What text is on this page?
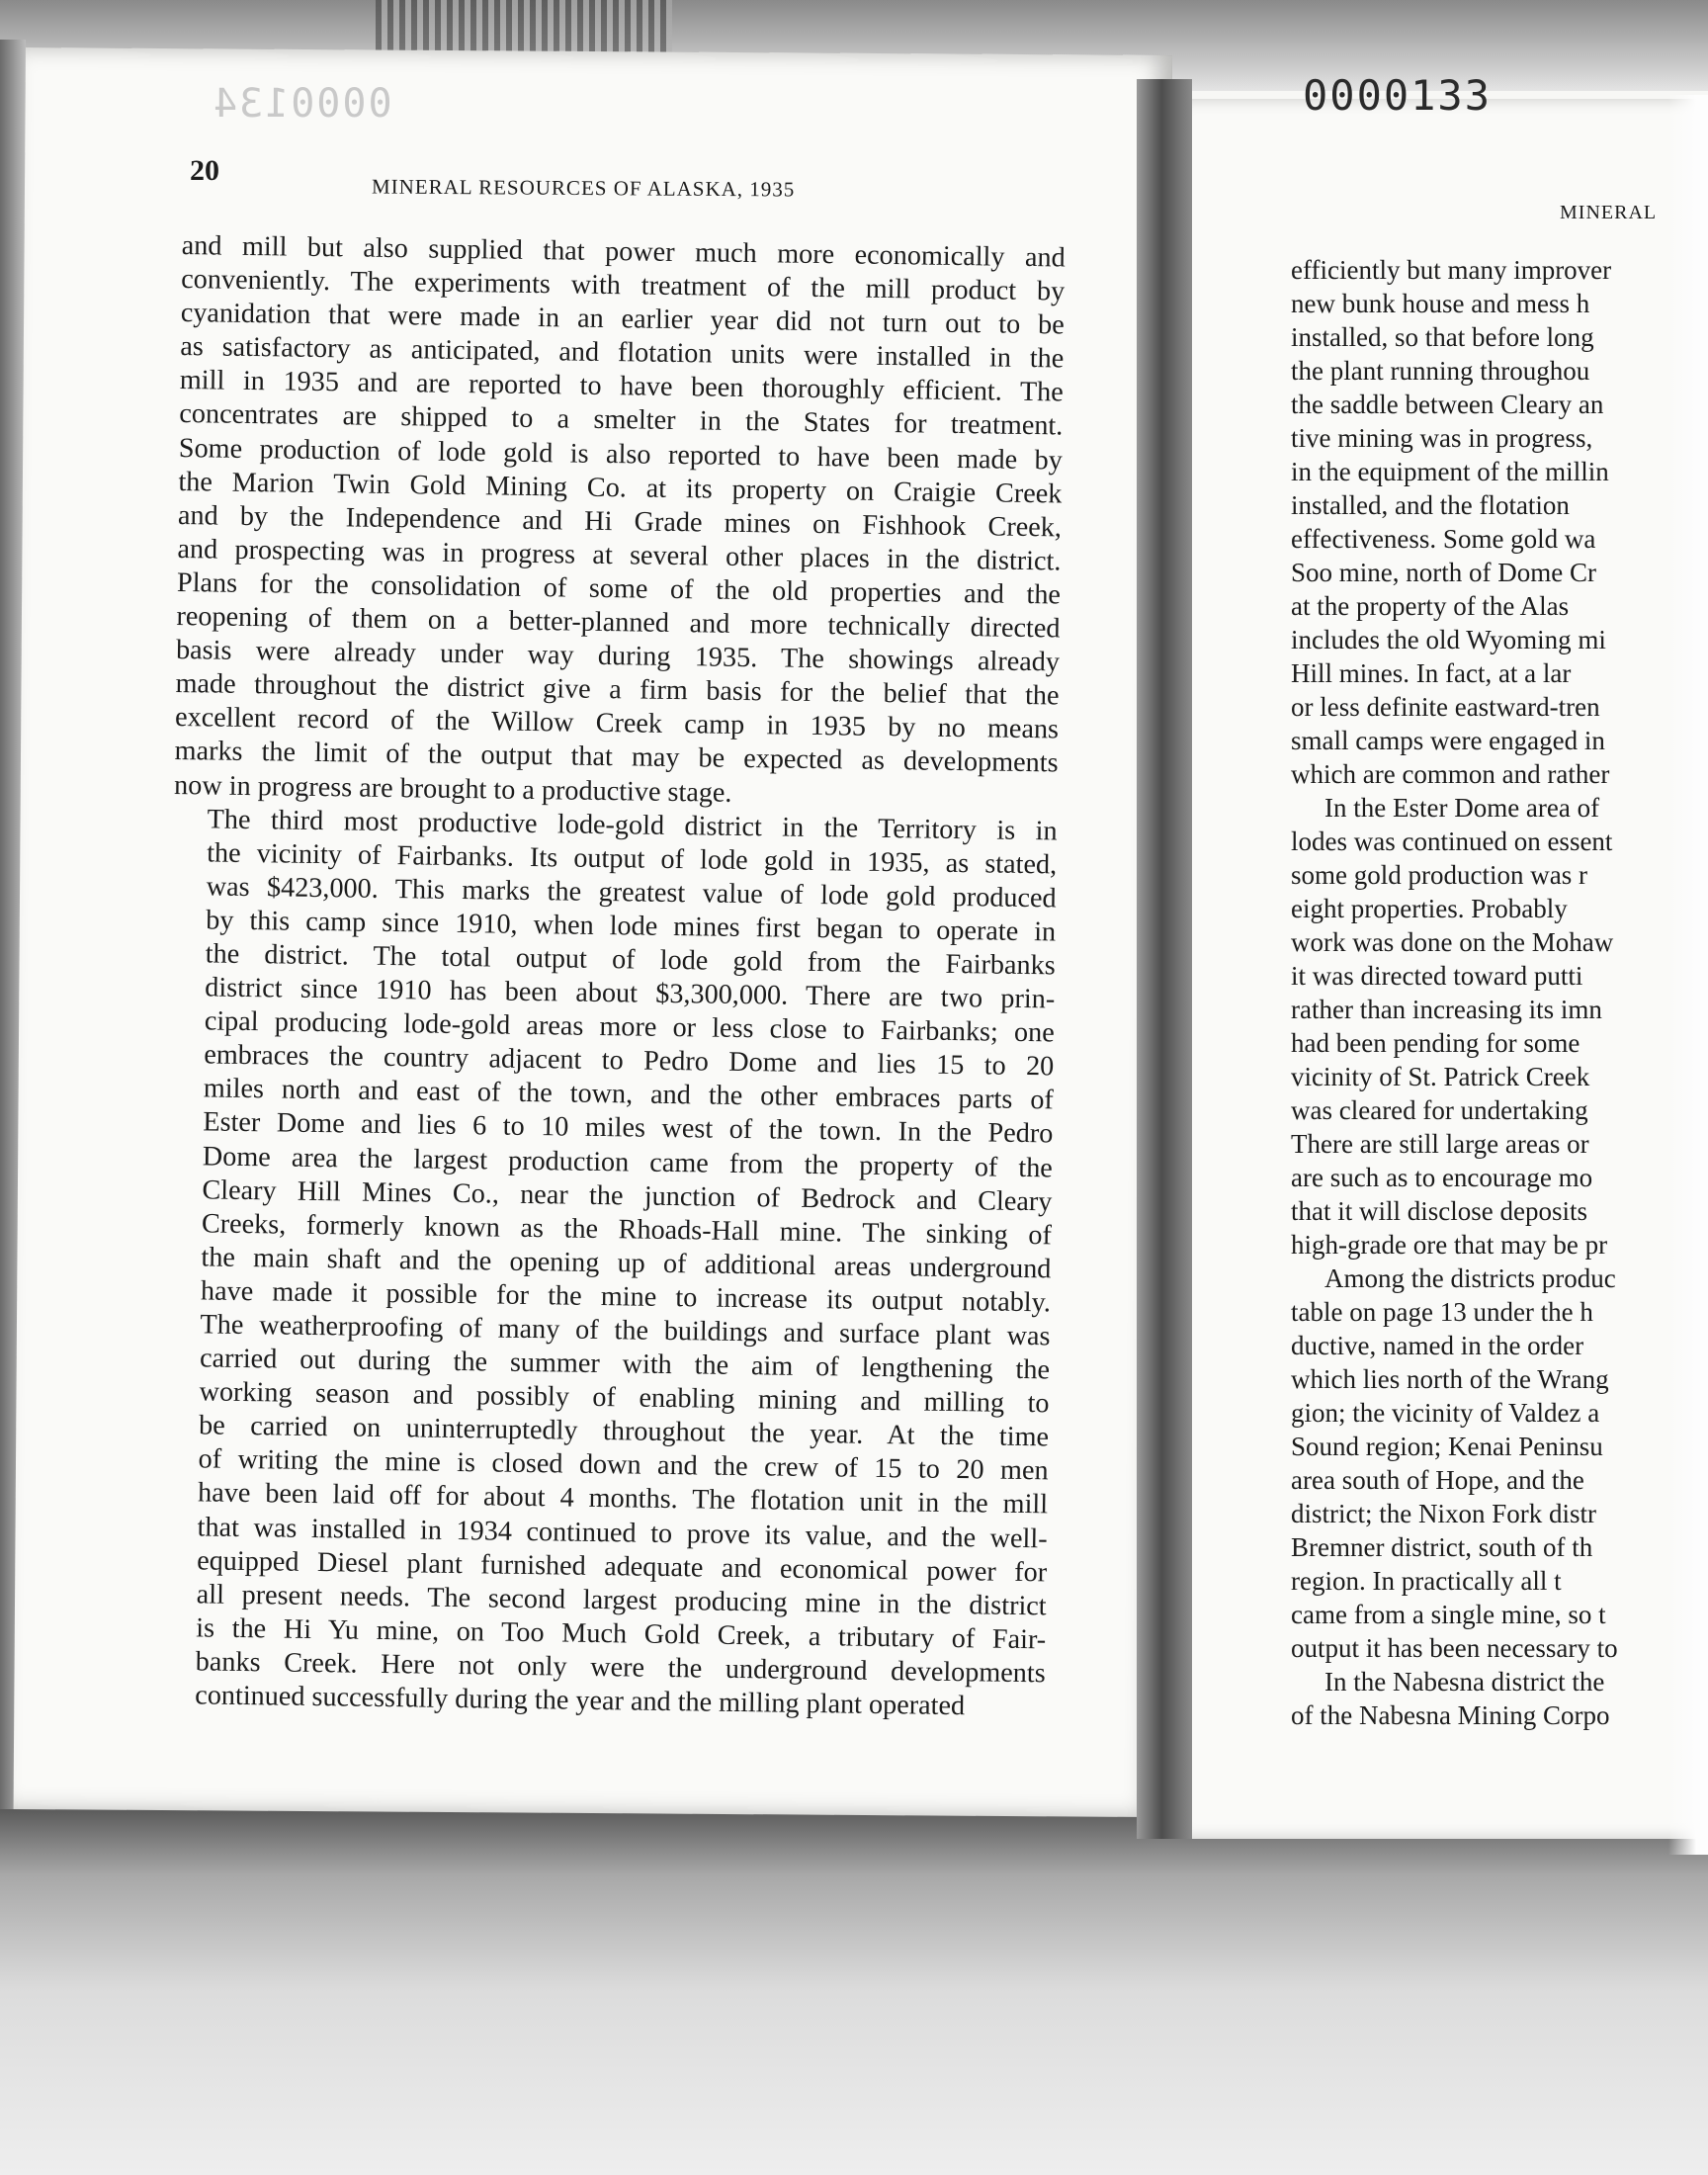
0000134	0000133
20
MINERAL RESOURCES OF ALASKA, 1935
MINERAL

and mill but also supplied that power much more economically and
conveniently. The experiments with treatment of the mill product by
cyanidation that were made in an earlier year did not turn out to be
as satisfactory as anticipated, and flotation units were installed in the
mill in 1935 and are reported to have been thoroughly efficient. The
concentrates are shipped to a smelter in the States for treatment.
Some production of lode gold is also reported to have been made by
the Marion Twin Gold Mining Co. at its property on Craigie Creek
and by the Independence and Hi Grade mines on Fishhook Creek,
and prospecting was in progress at several other places in the district.
Plans for the consolidation of some of the old properties and the
reopening of them on a better-planned and more technically directed
basis were already under way during 1935. The showings already
made throughout the district give a firm basis for the belief that the
excellent record of the Willow Creek camp in 1935 by no means
marks the limit of the output that may be expected as developments
now in progress are brought to a productive stage.

The third most productive lode-gold district in the Territory is in
the vicinity of Fairbanks. Its output of lode gold in 1935, as stated,
was $423,000. This marks the greatest value of lode gold produced
by this camp since 1910, when lode mines first began to operate in
the district. The total output of lode gold from the Fairbanks
district since 1910 has been about $3,300,000. There are two prin-
cipal producing lode-gold areas more or less close to Fairbanks; one
embraces the country adjacent to Pedro Dome and lies 15 to 20
miles north and east of the town, and the other embraces parts of
Ester Dome and lies 6 to 10 miles west of the town. In the Pedro
Dome area the largest production came from the property of the
Cleary Hill Mines Co., near the junction of Bedrock and Cleary
Creeks, formerly known as the Rhoads-Hall mine. The sinking of
the main shaft and the opening up of additional areas underground
have made it possible for the mine to increase its output notably.
The weatherproofing of many of the buildings and surface plant was
carried out during the summer with the aim of lengthening the
working season and possibly of enabling mining and milling to
be carried on uninterruptedly throughout the year. At the time
of writing the mine is closed down and the crew of 15 to 20 men
have been laid off for about 4 months. The flotation unit in the mill
that was installed in 1934 continued to prove its value, and the well-
equipped Diesel plant furnished adequate and economical power for
all present needs. The second largest producing mine in the district
is the Hi Yu mine, on Too Much Gold Creek, a tributary of Fair-
banks Creek. Here not only were the underground developments
continued successfully during the year and the milling plant operated

efficiently but many improver
new bunk house and mess h
installed, so that before long
the plant running throughou
the saddle between Cleary an
tive mining was in progress,
in the equipment of the millin
installed, and the flotation
effectiveness. Some gold wa
Soo mine, north of Dome Cr
at the property of the Alas
includes the old Wyoming mi
Hill mines. In fact, at a lar
or less definite eastward-tren
small camps were engaged in
which are common and rather

In the Ester Dome area of
lodes was continued on essent
some gold production was r
eight properties. Probably
work was done on the Mohaw
it was directed toward putti
rather than increasing its imn
had been pending for some
vicinity of St. Patrick Creek
was cleared for undertaking
There are still large areas or
are such as to encourage mo
that it will disclose deposits
high-grade ore that may be pr

Among the districts produc
table on page 13 under the h
ductive, named in the order
which lies north of the Wrang
gion; the vicinity of Valdez a
Sound region; Kenai Peninsu
area south of Hope, and the
district; the Nixon Fork distr
Bremner district, south of th
region. In practically all t
came from a single mine, so t
output it has been necessary to

In the Nabesna district the
of the Nabesna Mining Corpo
